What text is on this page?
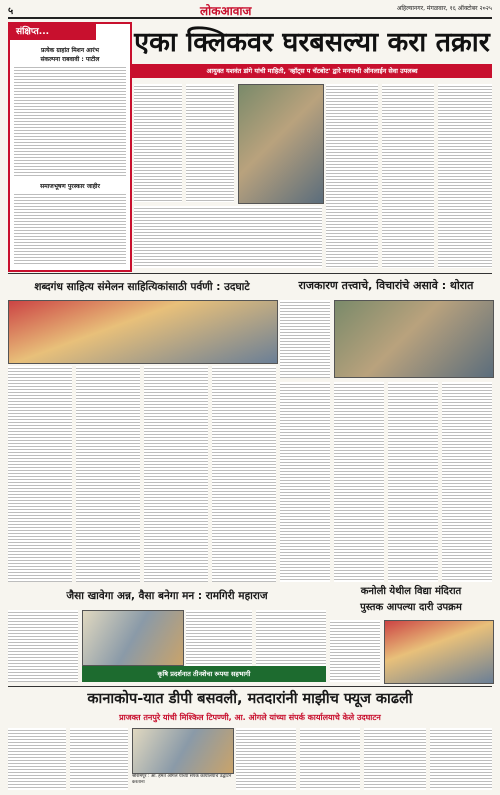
५	लोकआवाज	अहिल्यानगर, मंगळवार, १६ ऑक्टोबर २०२५
संक्षिप्त...
प्रत्येक ग्राहांत मिशन आरंभ
संकल्पना राबवावी : पाटील
समाजभूषण पुरस्कार जाहीर
एका क्लिकवर घरबसल्या करा तक्रार
आयुक्त यशवंत डांगे यांची माहिती, 'व्हॉट्स प चॅटबोट' द्वारे मनपाची ऑनलाईन सेवा उपलब्ध
शब्दगंध साहित्य संमेलन साहित्यिकांसाठी पर्वणी : उदघाटे	राजकारण तत्त्वाचे, विचारांचे असावे : थोरात
जैसा खावेगा अन्न, वैसा बनेगा मन : रामगिरी महाराज
कृषि प्रदर्शनात तीनशेचा रूपया सहभागी
कनोली येथील विद्या मंदिरात
पुस्तक आपल्या दारी उपक्रम
कानाकोप-यात डीपी बसवली, मतदारांनी माझीच फ्यूज काढली
प्राजक्त तनपुरे यांची मिश्किल टिपण्णी, आ. ओगले यांच्या संपर्क कार्यालयाचे केले उदघाटन
श्रीरामपूर : आ. हेमंत ओगले यांच्या संपर्क कार्यालयाचे उद्घाटन करताना
